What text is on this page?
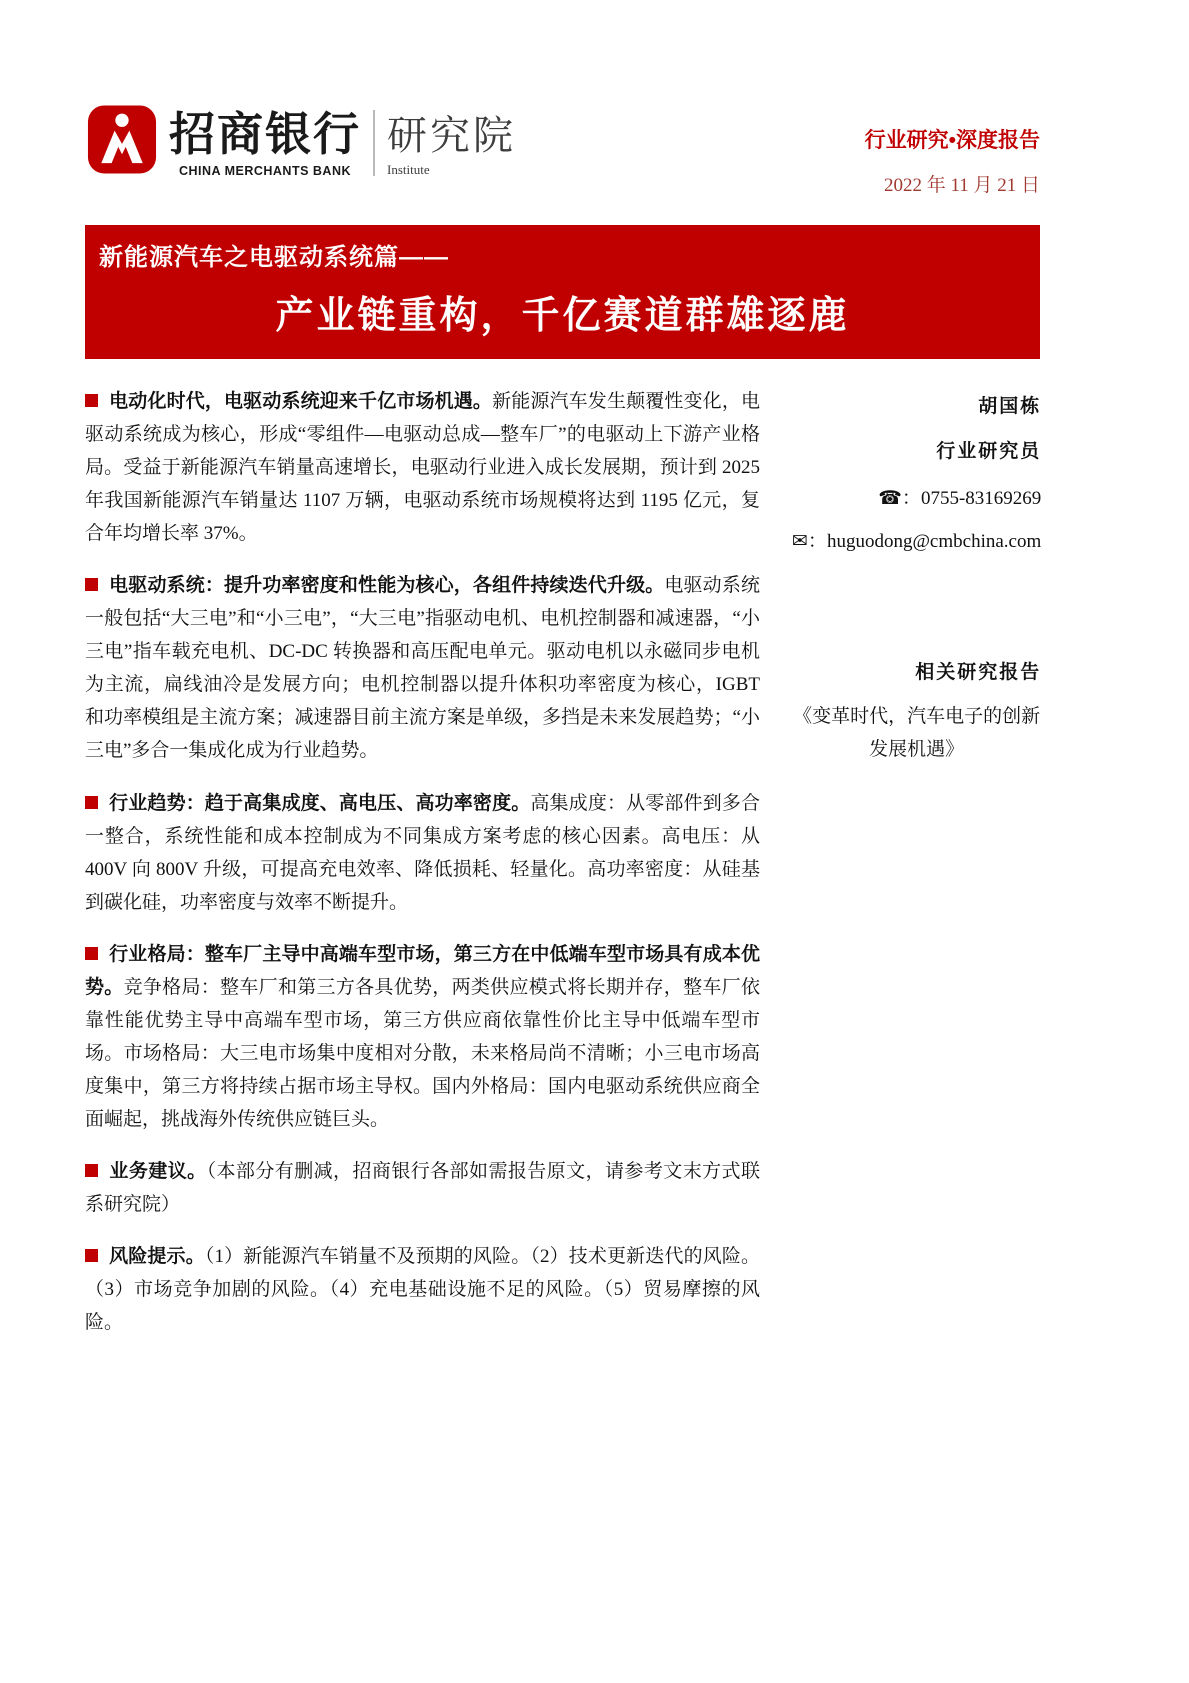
招商银行
CHINA MERCHANTS BANK
研究院
Institute
行业研究•深度报告
2022 年 11 月 21 日
新能源汽车之电驱动系统篇——
产业链重构，千亿赛道群雄逐鹿

电动化时代，电驱动系统迎来千亿市场机遇。新能源汽车发生颠覆性变化，电驱动系统成为核心，形成“零组件—电驱动总成—整车厂”的电驱动上下游产业格局。受益于新能源汽车销量高速增长，电驱动行业进入成长发展期，预计到 2025 年我国新能源汽车销量达 1107 万辆，电驱动系统市场规模将达到 1195 亿元，复合年均增长率 37%。

电驱动系统：提升功率密度和性能为核心，各组件持续迭代升级。电驱动系统一般包括“大三电”和“小三电”，“大三电”指驱动电机、电机控制器和减速器，“小三电”指车载充电机、DC-DC 转换器和高压配电单元。驱动电机以永磁同步电机为主流，扁线油冷是发展方向；电机控制器以提升体积功率密度为核心，IGBT 和功率模组是主流方案；减速器目前主流方案是单级，多挡是未来发展趋势；“小三电”多合一集成化成为行业趋势。

行业趋势：趋于高集成度、高电压、高功率密度。高集成度：从零部件到多合一整合，系统性能和成本控制成为不同集成方案考虑的核心因素。高电压：从 400V 向 800V 升级，可提高充电效率、降低损耗、轻量化。高功率密度：从硅基到碳化硅，功率密度与效率不断提升。

行业格局：整车厂主导中高端车型市场，第三方在中低端车型市场具有成本优势。竞争格局：整车厂和第三方各具优势，两类供应模式将长期并存，整车厂依靠性能优势主导中高端车型市场，第三方供应商依靠性价比主导中低端车型市场。市场格局：大三电市场集中度相对分散，未来格局尚不清晰；小三电市场高度集中，第三方将持续占据市场主导权。国内外格局：国内电驱动系统供应商全面崛起，挑战海外传统供应链巨头。

业务建议。（本部分有删减，招商银行各部如需报告原文，请参考文末方式联系研究院）

风险提示。（1）新能源汽车销量不及预期的风险。（2）技术更新迭代的风险。（3）市场竞争加剧的风险。（4）充电基础设施不足的风险。（5）贸易摩擦的风险。

胡国栋
行业研究员
☎：0755-83169269
✉：huguodong@cmbchina.com
相关研究报告
《变革时代，汽车电子的创新发展机遇》
